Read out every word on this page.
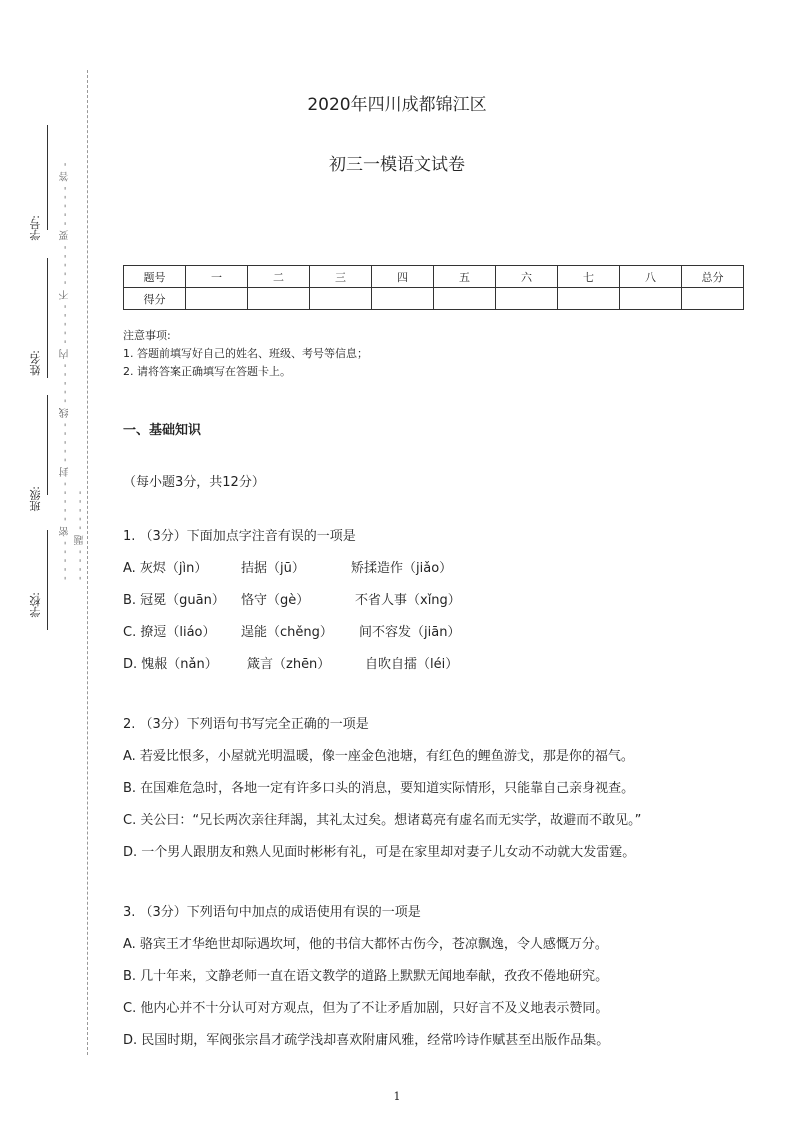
学号:
姓名:
班级:
学校:
- - - - - 密 - - - - - 封 - - - - - 线 - - - - - 内 - - - - - 不 - - - - - 要 - - - - - 答 - - - - - 题 - - - - -
2020年四川成都锦江区
初三一模语文试卷
题号	一	二	三	四	五	六	七	八	总分
得分									
注意事项:
1. 答题前填写好自己的姓名、班级、考号等信息；
2. 请将答案正确填写在答题卡上。
一、基础知识
（每小题3分，共12分）
1. （3分）下面加点字注音有误的一项是
A. 灰烬（jìn）	拮据（jū）	矫揉造作（jiǎo）
B. 冠冕（guān） 恪守（gè）	不省人事（xǐng）
C. 撩逗（liáo） 逞能（chěng） 间不容发（jiān）
D. 愧赧（nǎn） 箴言（zhēn）	自吹自擂（léi）
2. （3分）下列语句书写完全正确的一项是
A. 若爱比恨多，小屋就光明温暖，像一座金色池塘，有红色的鲤鱼游戈，那是你的福气。
B. 在国难危急时，各地一定有许多口头的消息，要知道实际情形，只能靠自己亲身视查。
C. 关公曰：“兄长两次亲往拜謁，其礼太过矣。想诸葛亮有虚名而无实学，故避而不敢见。”
D. 一个男人跟朋友和熟人见面时彬彬有礼，可是在家里却对妻子儿女动不动就大发雷霆。
3. （3分）下列语句中加点的成语使用有误的一项是
A. 骆宾王才华绝世却际遇坎坷，他的书信大都怀古伤今，苍凉飘逸，令人感慨万分。
B. 几十年来，文静老师一直在语文教学的道路上默默无闻地奉献，孜孜不倦地研究。
C. 他内心并不十分认可对方观点，但为了不让矛盾加剧，只好言不及义地表示赞同。
D. 民国时期，军阀张宗昌才疏学浅却喜欢附庸风雅，经常吟诗作赋甚至出版作品集。
1
